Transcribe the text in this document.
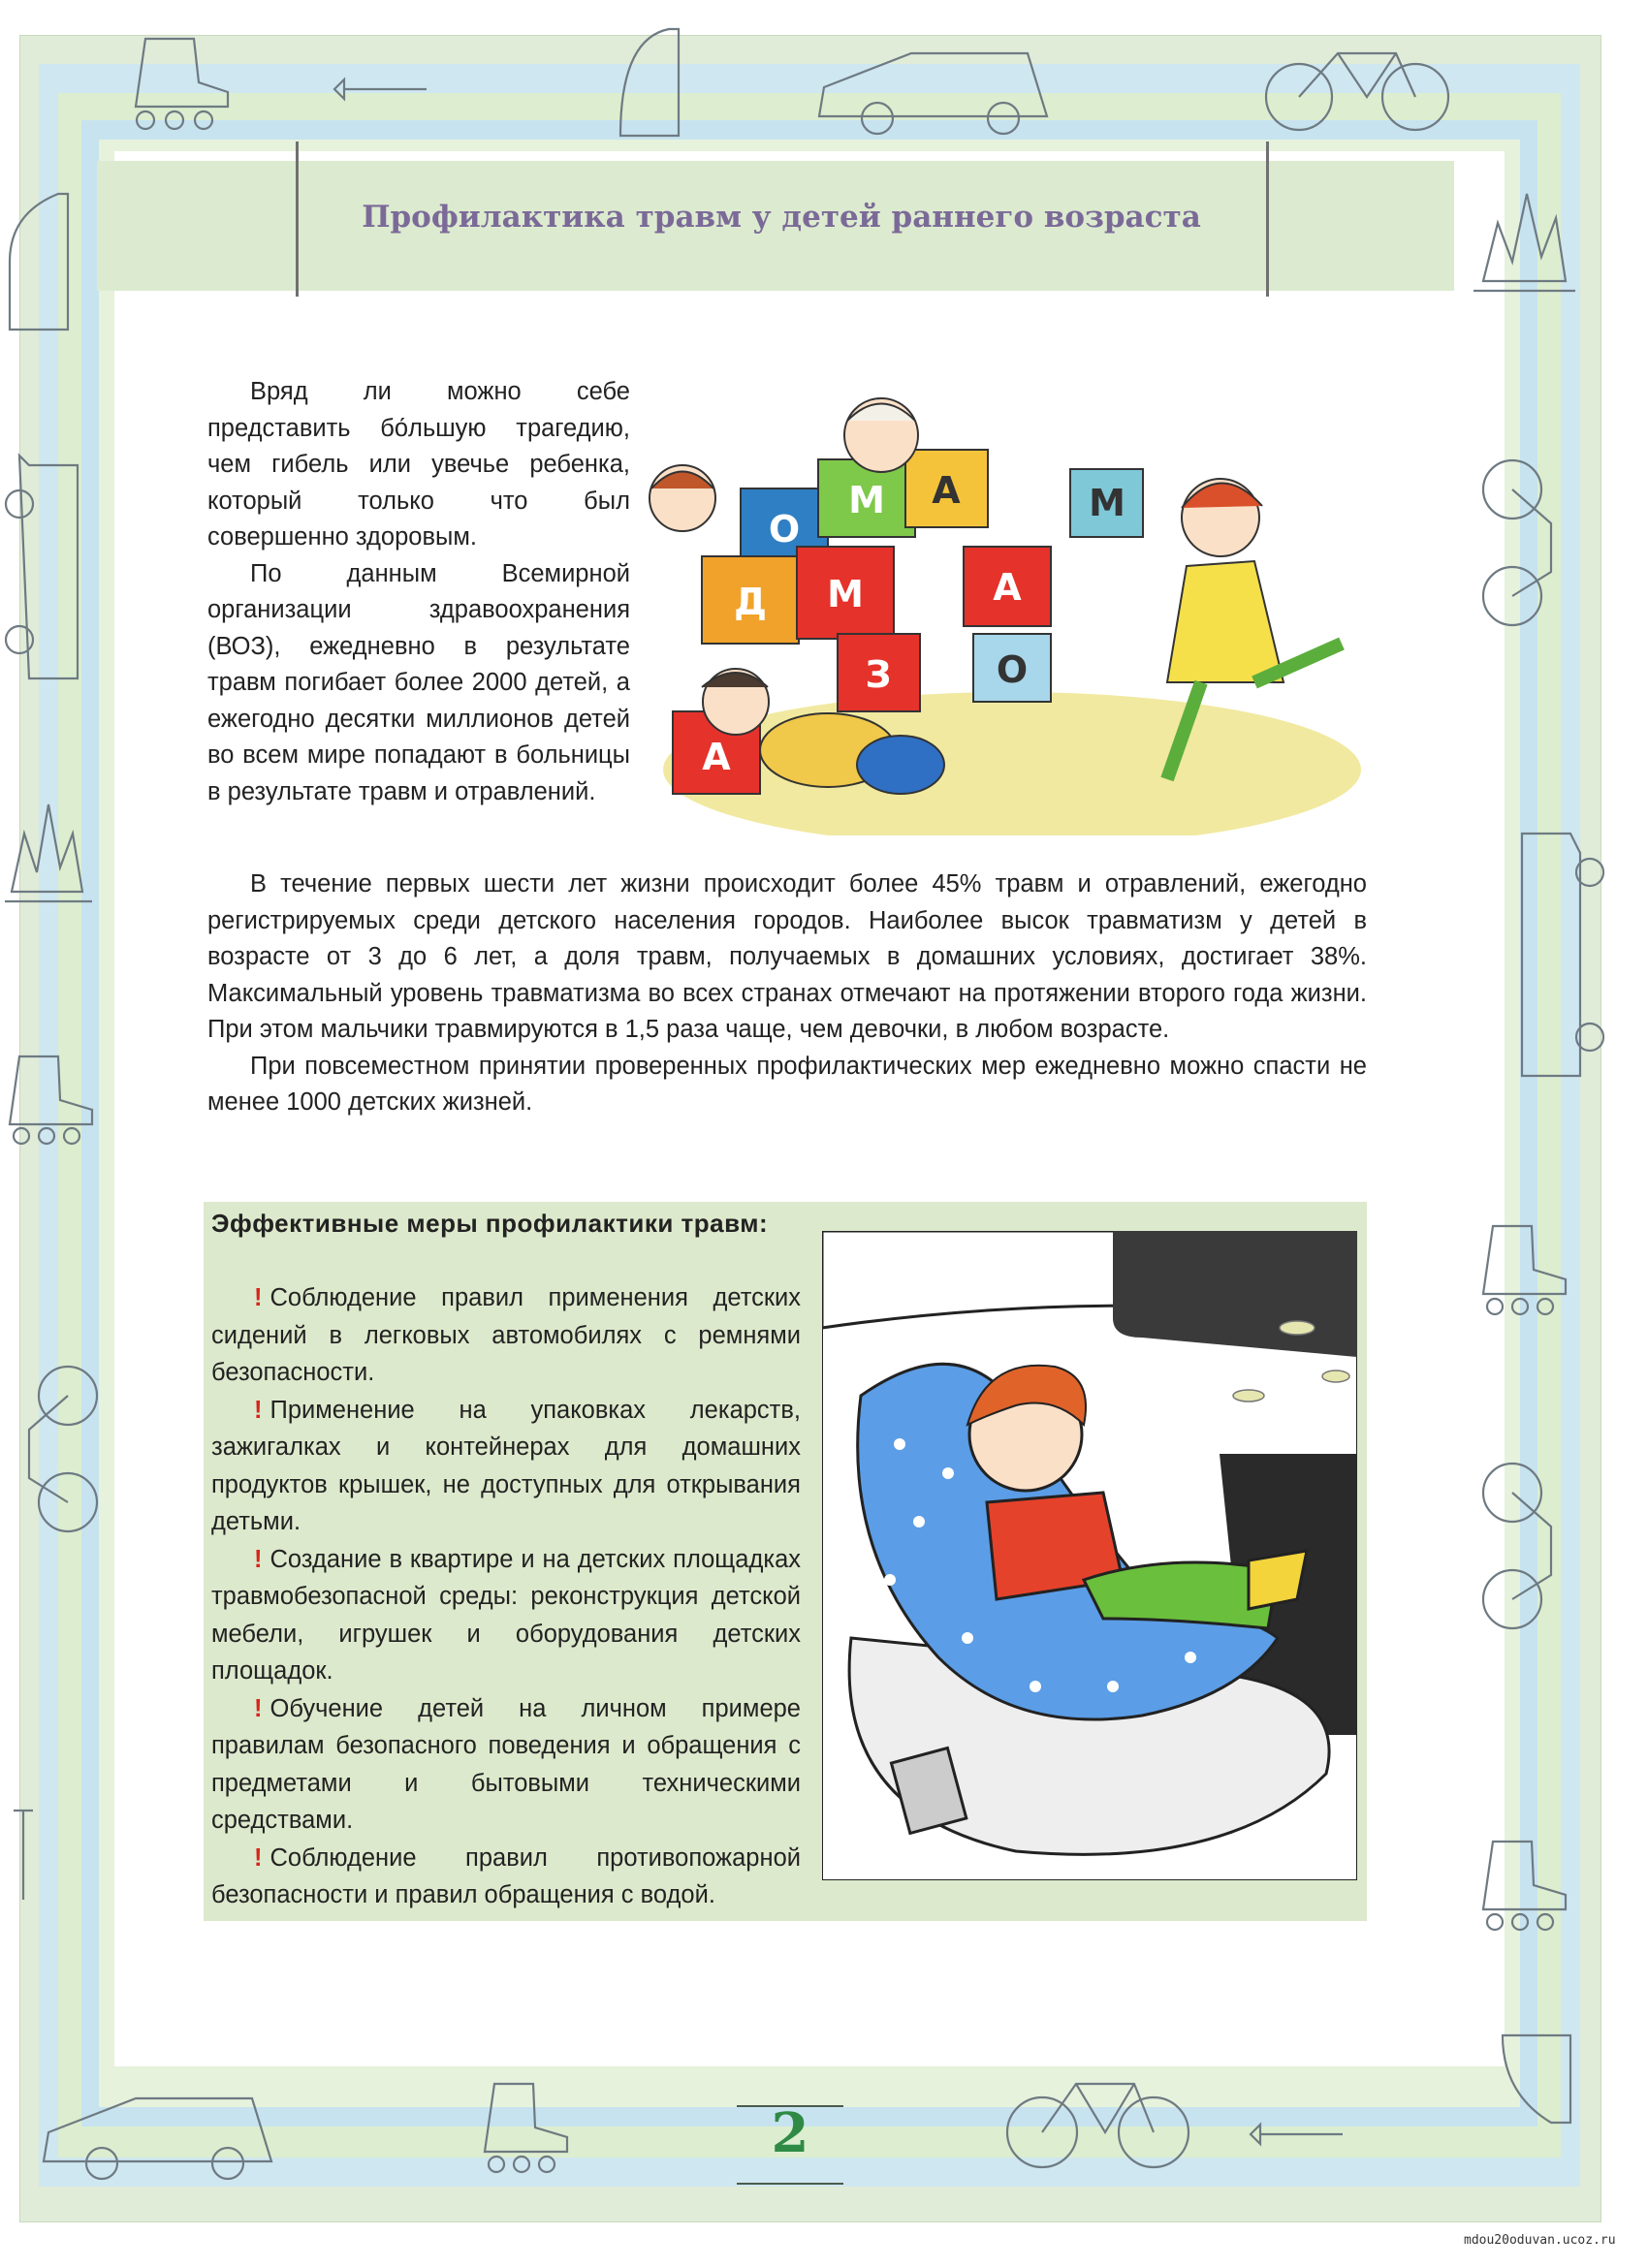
Профилактика травм у детей раннего возраста

Вряд ли можно себе представить бо́льшую трагедию, чем гибель или увечье ребенка, который только что был совершенно здоровым.

По данным Всемирной организации здравоохранения (ВОЗ), ежедневно в результате травм погибает более 2000 детей, а ежегодно десятки миллионов детей во всем мире попадают в больницы в результате травм и отравлений.

О
М А
Д М	А
М
З	О
А

В течение первых шести лет жизни происходит более 45% травм и отравлений, ежегодно регистрируемых среди детского населения городов. Наиболее высок травматизм у детей в возрасте от 3 до 6 лет, а доля травм, получаемых в домашних условиях, достигает 38%. Максимальный уровень травматизма во всех странах отмечают на протяжении второго года жизни. При этом мальчики травмируются в 1,5 раза чаще, чем девочки, в любом возрасте.

При повсеместном принятии проверенных профилактических мер ежедневно можно спасти не менее 1000 детских жизней.

Эффективные меры профилактики травм:

! Соблюдение правил применения детских сидений в легковых автомобилях с ремнями безопасности.

! Применение на упаковках лекарств, зажигалках и контейнерах для домашних продуктов крышек, не доступных для открывания детьми.

! Создание в квартире и на детских площадках травмобезопасной среды: реконструкция детской мебели, игрушек и оборудования детских площадок.

! Обучение детей на личном примере правилам безопасного поведения и обращения с предметами и бытовыми техническими средствами.

! Соблюдение правил противопожарной безопасности и правил обращения с водой.

2
mdou20oduvan.ucoz.ru
